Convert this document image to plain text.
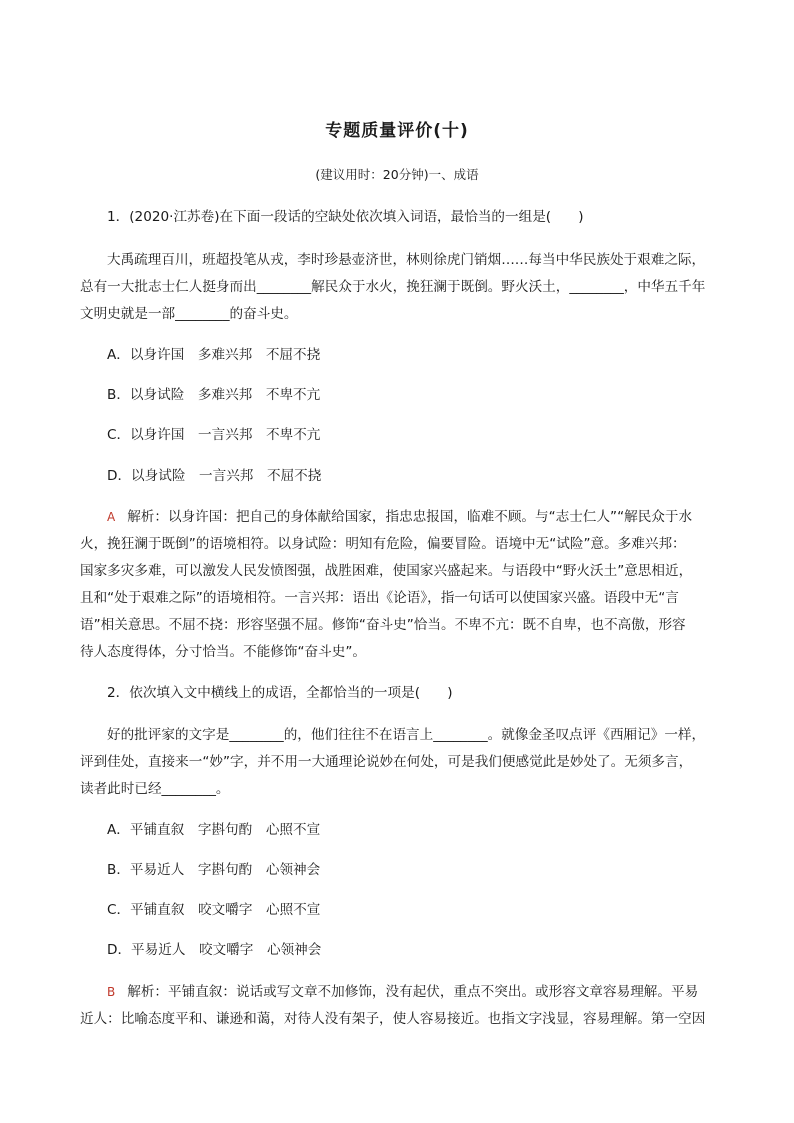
专题质量评价(十)
(建议用时：20分钟)一、成语
1．(2020·江苏卷)在下面一段话的空缺处依次填入词语，最恰当的一组是(　　)
大禹疏理百川，班超投笔从戎，李时珍悬壶济世，林则徐虎门销烟……每当中华民族处于艰难之际，
总有一大批志士仁人挺身而出________解民众于水火，挽狂澜于既倒。野火沃土，________，中华五千年
文明史就是一部________的奋斗史。
A．以身许国　多难兴邦　不屈不挠
B．以身试险　多难兴邦　不卑不亢
C．以身许国　一言兴邦　不卑不亢
D．以身试险　一言兴邦　不屈不挠
A 解析：以身许国：把自己的身体献给国家，指忠忠报国，临难不顾。与“志士仁人”“解民众于水
火，挽狂澜于既倒”的语境相符。以身试险：明知有危险，偏要冒险。语境中无“试险”意。多难兴邦：
国家多灾多难，可以激发人民发愤图强，战胜困难，使国家兴盛起来。与语段中“野火沃土”意思相近，
且和“处于艰难之际”的语境相符。一言兴邦：语出《论语》，指一句话可以使国家兴盛。语段中无“言
语”相关意思。不屈不挠：形容坚强不屈。修饰“奋斗史”恰当。不卑不亢：既不自卑，也不高傲，形容
待人态度得体，分寸恰当。不能修饰“奋斗史”。
2．依次填入文中横线上的成语，全都恰当的一项是(　　)
好的批评家的文字是________的，他们往往不在语言上________。就像金圣叹点评《西厢记》一样，
评到佳处，直接来一“妙”字，并不用一大通理论说妙在何处，可是我们便感觉此是妙处了。无须多言，
读者此时已经________。
A．平铺直叙　字斟句酌　心照不宣
B．平易近人　字斟句酌　心领神会
C．平铺直叙　咬文嚼字　心照不宣
D．平易近人　咬文嚼字　心领神会
B 解析：平铺直叙：说话或写文章不加修饰，没有起伏，重点不突出。或形容文章容易理解。平易
近人：比喻态度平和、谦逊和蔼，对待人没有架子，使人容易接近。也指文字浅显，容易理解。第一空因
